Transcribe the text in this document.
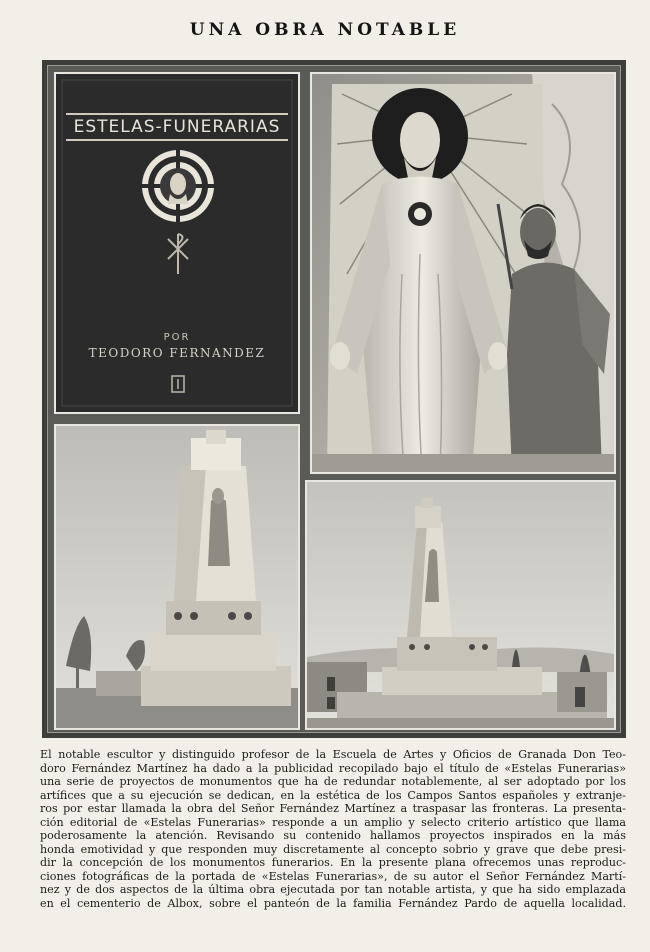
UNA OBRA NOTABLE
ESTELAS-FUNERARIAS
POR
TEODORO FERNANDEZ
El notable escultor y distinguido profesor de la Escuela de Artes y Oficios de Granada Don Teo-
doro Fernández Martínez ha dado a la publicidad recopilado bajo el título de «Estelas Funerarias»
una serie de proyectos de monumentos que ha de redundar notablemente, al ser adoptado por los
artífices que a su ejecución se dedican, en la estética de los Campos Santos españoles y extranje-
ros por estar llamada la obra del Señor Fernández Martínez a traspasar las fronteras. La presenta-
ción editorial de «Estelas Funerarias» responde a un amplio y selecto criterio artístico que llama
poderosamente la atención. Revisando su contenido hallamos proyectos inspirados en la más
honda emotividad y que responden muy discretamente al concepto sobrio y grave que debe presi-
dir la concepción de los monumentos funerarios. En la presente plana ofrecemos unas reproduc-
ciones fotográficas de la portada de «Estelas Funerarias», de su autor el Señor Fernández Martí-
nez y de dos aspectos de la última obra ejecutada por tan notable artista, y que ha sido emplazada
en el cementerio de Albox, sobre el panteón de la familia Fernández Pardo de aquella localidad.
